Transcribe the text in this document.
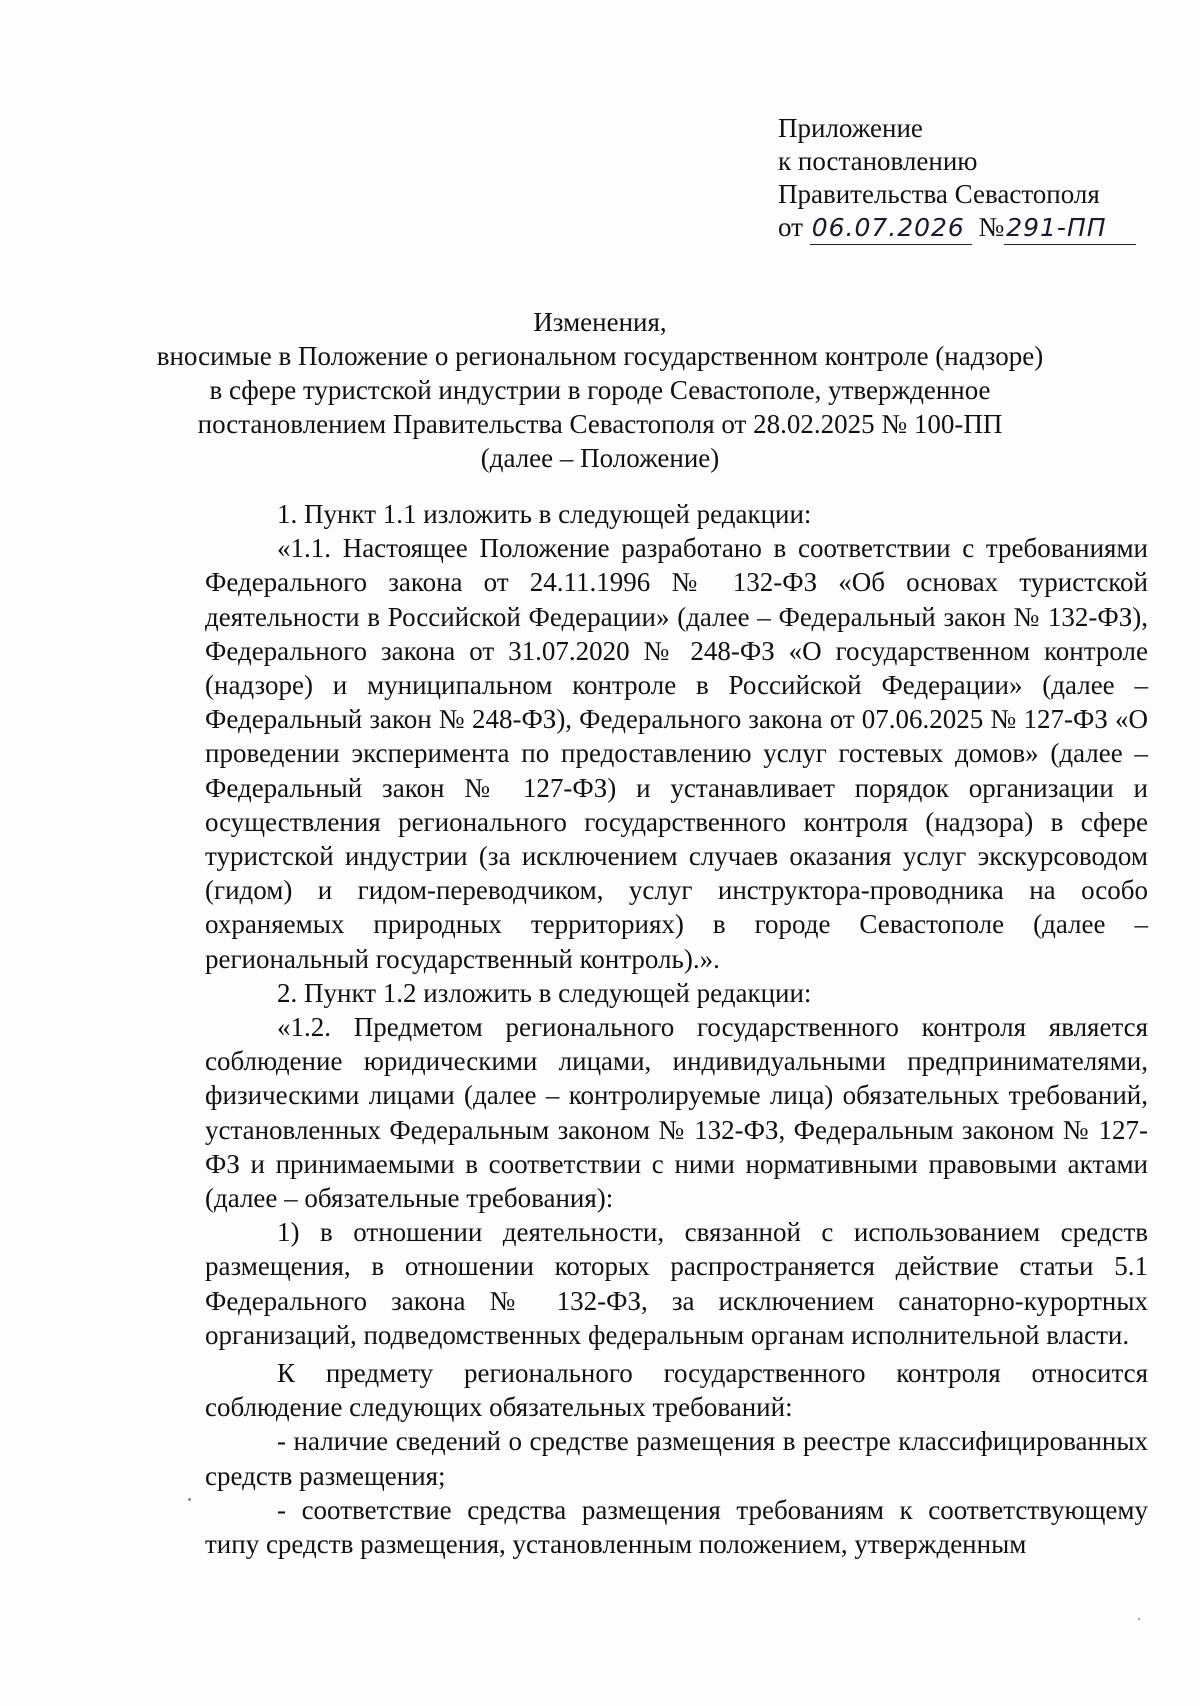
Приложение
к постановлению
Правительства Севастополя
от 06.07.2026 №291-ПП
Изменения,
вносимые в Положение о региональном государственном контроле (надзоре)
в сфере туристской индустрии в городе Севастополе, утвержденное
постановлением Правительства Севастополя от 28.02.2025 № 100-ПП
(далее – Положение)

1. Пункт 1.1 изложить в следующей редакции:

«1.1. Настоящее Положение разработано в соответствии с требованиями Федерального закона от 24.11.1996 № 132-ФЗ «Об основах туристской деятельности в Российской Федерации» (далее – Федеральный закон № 132-ФЗ), Федерального закона от 31.07.2020 № 248-ФЗ «О государственном контроле (надзоре) и муниципальном контроле в Российской Федерации» (далее – Федеральный закон № 248-ФЗ), Федерального закона от 07.06.2025 № 127-ФЗ «О проведении эксперимента по предоставлению услуг гостевых домов» (далее – Федеральный закон № 127-ФЗ) и устанавливает порядок организации и осуществления регионального государственного контроля (надзора) в сфере туристской индустрии (за исключением случаев оказания услуг экскурсоводом (гидом) и гидом-переводчиком, услуг инструктора-проводника на особо охраняемых природных территориях) в городе Севастополе (далее – региональный государственный контроль).».

2. Пункт 1.2 изложить в следующей редакции:

«1.2. Предметом регионального государственного контроля является соблюдение юридическими лицами, индивидуальными предпринимателями, физическими лицами (далее – контролируемые лица) обязательных требований, установленных Федеральным законом № 132-ФЗ, Федеральным законом № 127-ФЗ и принимаемыми в соответствии с ними нормативными правовыми актами (далее – обязательные требования):

1) в отношении деятельности, связанной с использованием средств размещения, в отношении которых распространяется действие статьи 5.1 Федерального закона № 132-ФЗ, за исключением санаторно-курортных организаций, подведомственных федеральным органам исполнительной власти.

К предмету регионального государственного контроля относится соблюдение следующих обязательных требований:

- наличие сведений о средстве размещения в реестре классифицированных средств размещения;

- соответствие средства размещения требованиям к соответствующему типу средств размещения, установленным положением, утвержденным
